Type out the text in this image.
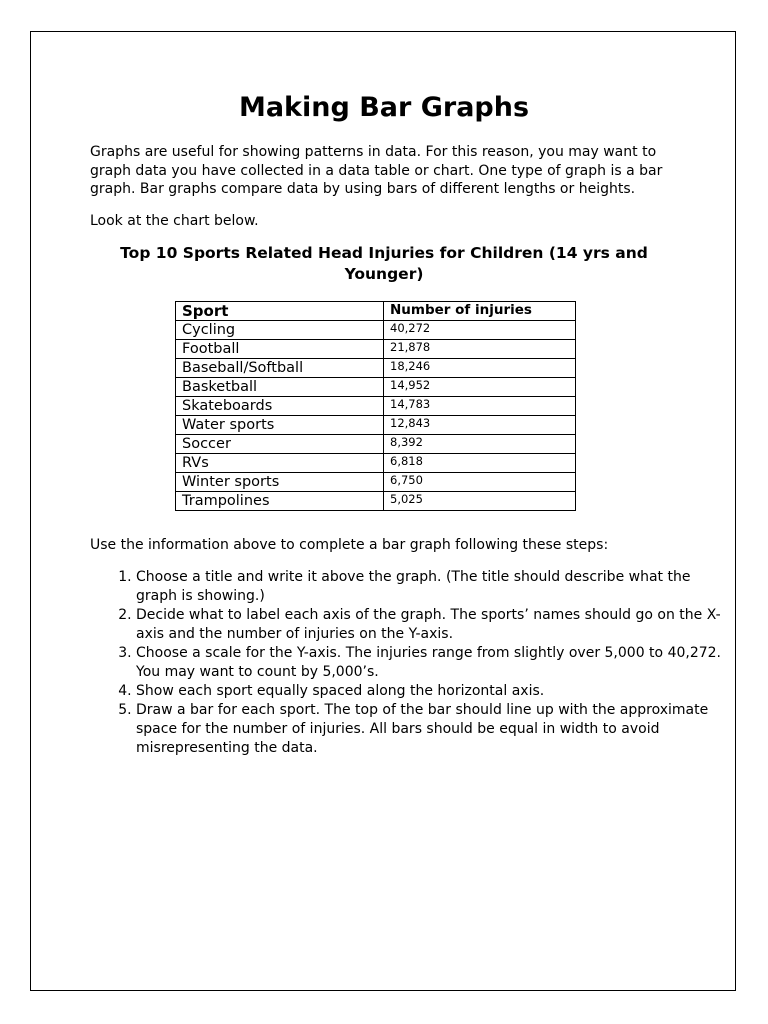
Making Bar Graphs

Graphs are useful for showing patterns in data. For this reason, you may want to graph data you have collected in a data table or chart. One type of graph is a bar graph. Bar graphs compare data by using bars of different lengths or heights.

Look at the chart below.

Top 10 Sports Related Head Injuries for Children (14 yrs and Younger)
Sport	Number of injuries
Cycling	40,272
Football	21,878
Baseball/Softball	18,246
Basketball	14,952
Skateboards	14,783
Water sports	12,843
Soccer	8,392
RVs	6,818
Winter sports	6,750
Trampolines	5,025

Use the information above to complete a bar graph following these steps:

1. Choose a title and write it above the graph. (The title should describe what the graph is showing.)
2. Decide what to label each axis of the graph. The sports’ names should go on the X-axis and the number of injuries on the Y-axis.
3. Choose a scale for the Y-axis. The injuries range from slightly over 5,000 to 40,272. You may want to count by 5,000’s.
4. Show each sport equally spaced along the horizontal axis.
5. Draw a bar for each sport. The top of the bar should line up with the approximate space for the number of injuries. All bars should be equal in width to avoid misrepresenting the data.
